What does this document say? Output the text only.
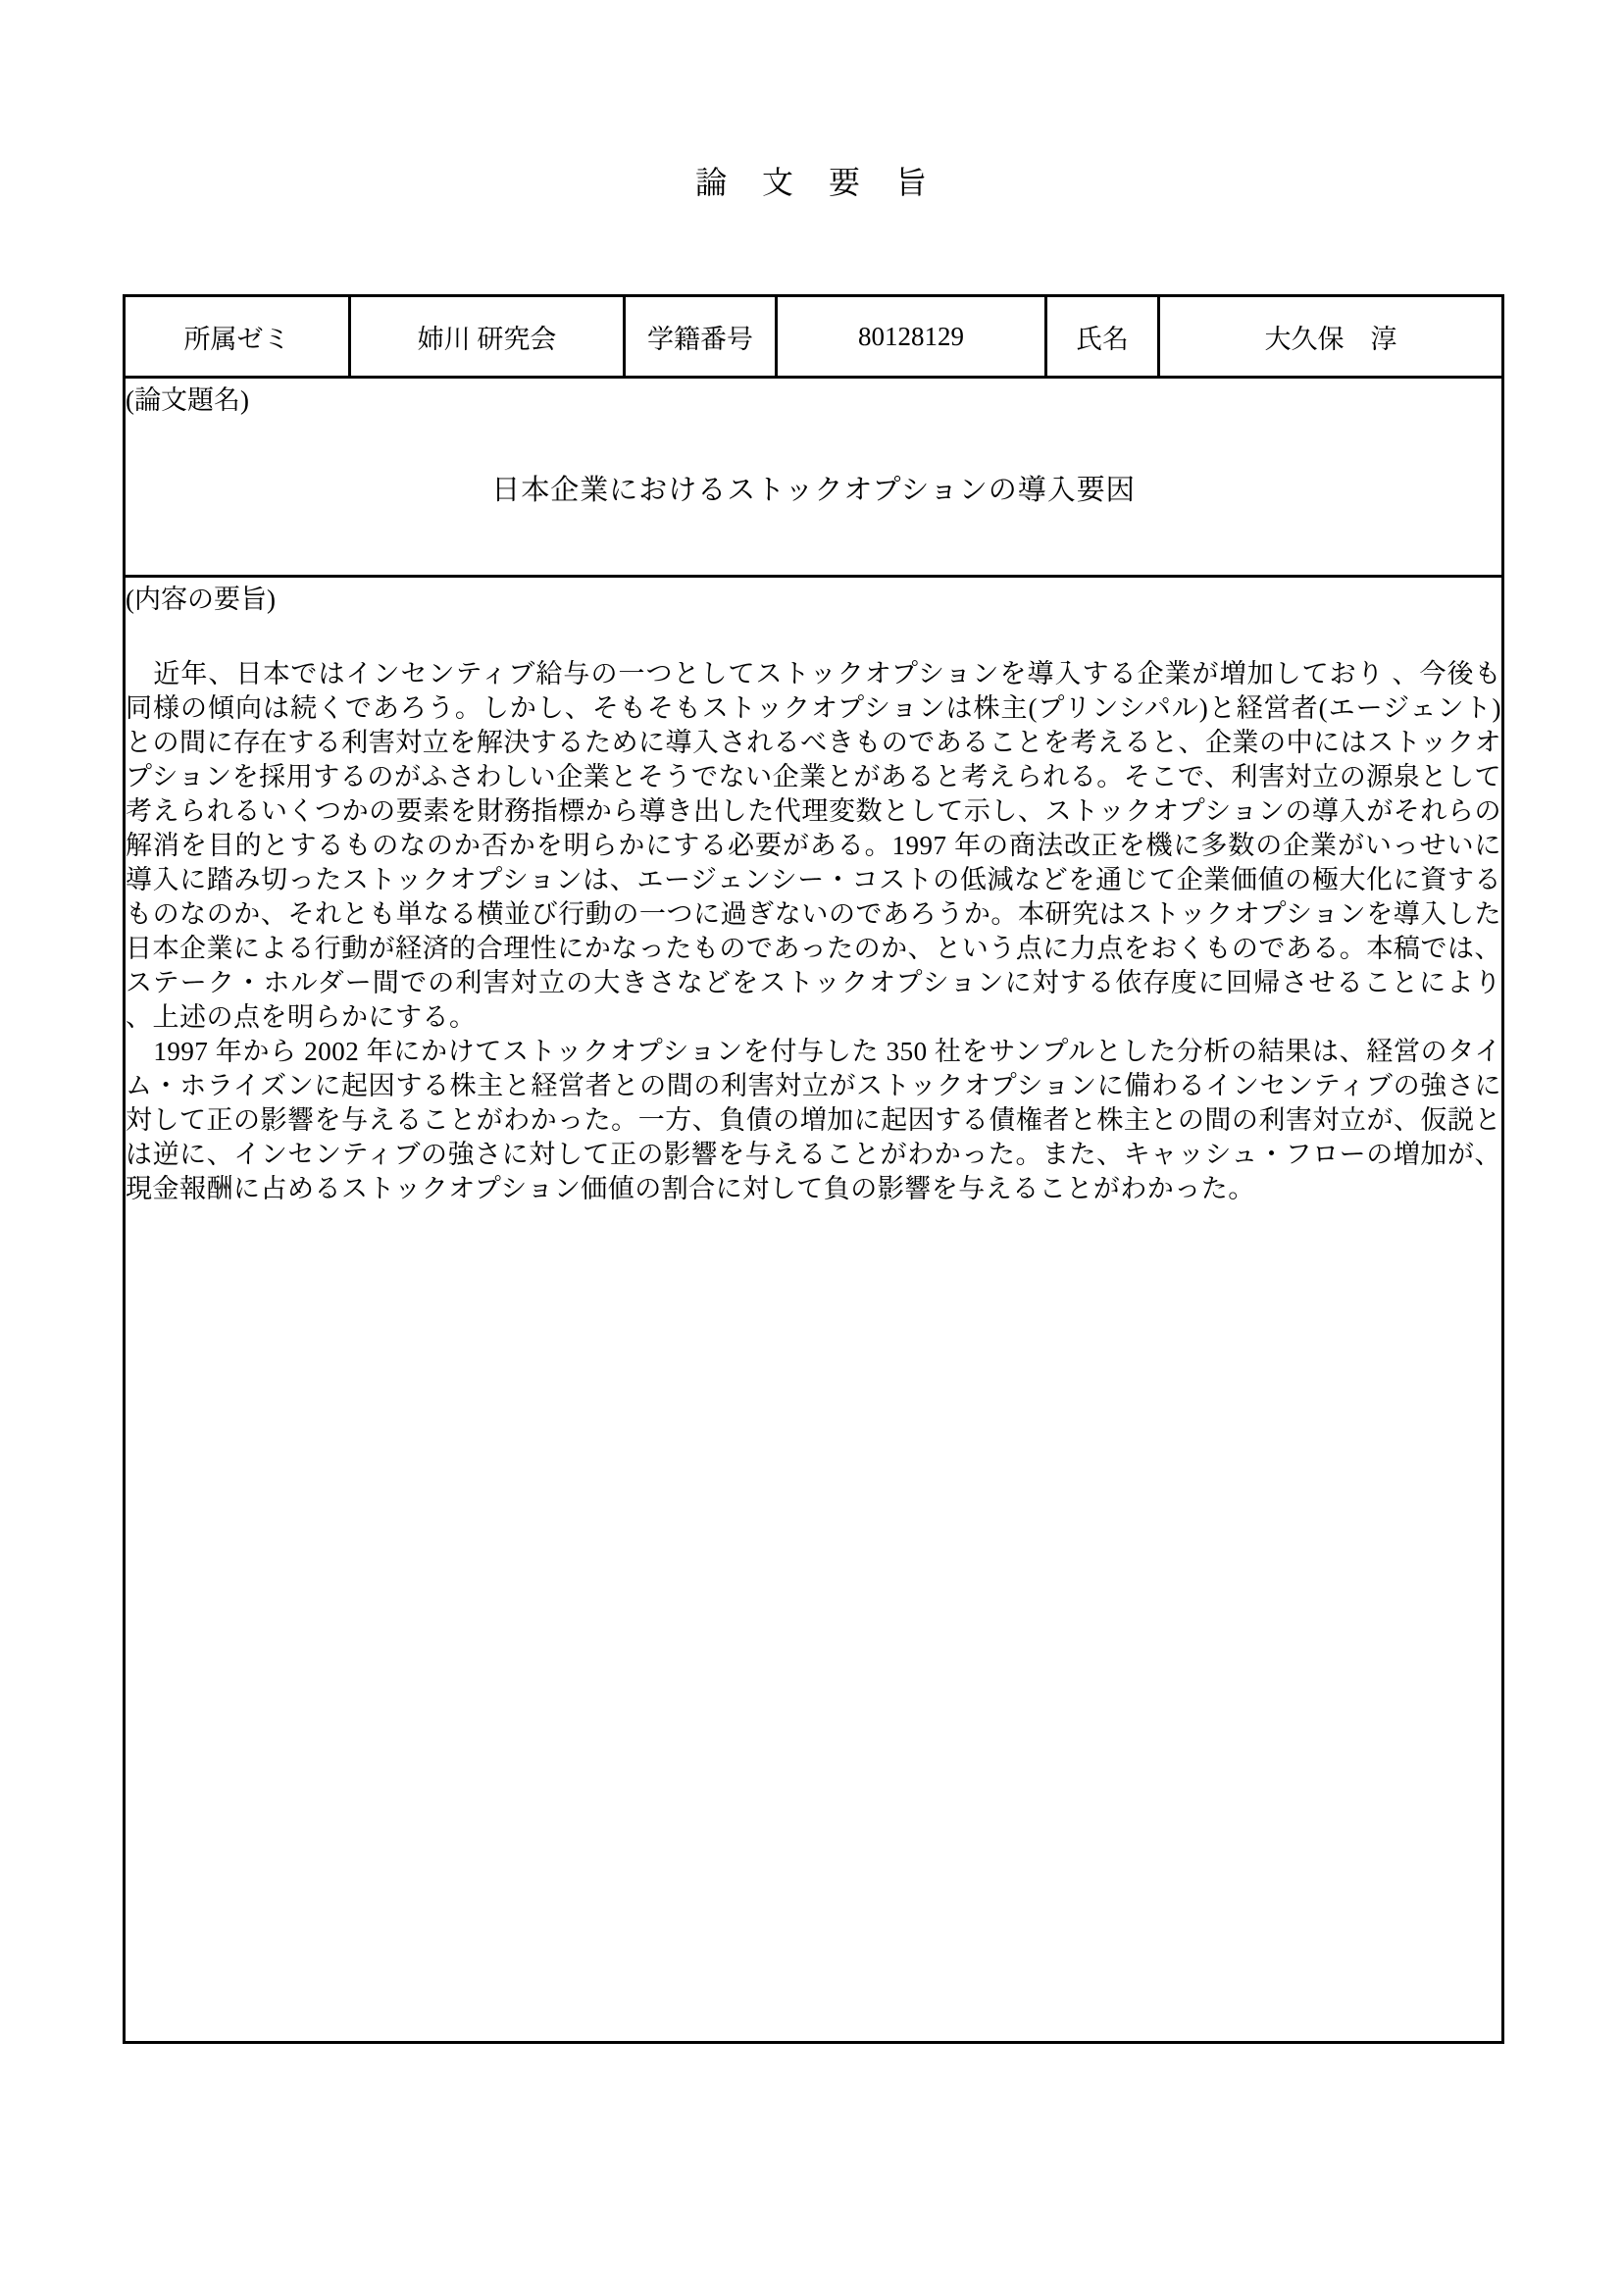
論　文　要　旨
所属ゼミ	姉川 研究会	学籍番号	80128129	氏名	大久保　淳

(論文題名)
日本企業におけるストックオプションの導入要因

(内容の要旨)

近年、日本ではインセンティブ給与の一つとしてストックオプションを導入する企業が増加しており 、今後も同様の傾向は続くであろう。しかし、そもそもストックオプションは株主(プリンシパル)と経営者(エージェント)との間に存在する利害対立を解決するために導入されるべきものであることを考えると、企業の中にはストックオプションを採用するのがふさわしい企業とそうでない企業とがあると考えられる。そこで、利害対立の源泉として考えられるいくつかの要素を財務指標から導き出した代理変数として示し、ストックオプションの導入がそれらの解消を目的とするものなのか否かを明らかにする必要がある。1997 年の商法改正を機に多数の企業がいっせいに導入に踏み切ったストックオプションは、エージェンシー・コストの低減などを通じて企業価値の極大化に資するものなのか、それとも単なる横並び行動の一つに過ぎないのであろうか。本研究はストックオプションを導入した日本企業による行動が経済的合理性にかなったものであったのか、という点に力点をおくものである。本稿では、ステーク・ホルダー間での利害対立の大きさなどをストックオプションに対する依存度に回帰させることにより 、上述の点を明らかにする。

1997 年から 2002 年にかけてストックオプションを付与した 350 社をサンプルとした分析の結果は、経営のタイム・ホライズンに起因する株主と経営者との間の利害対立がストックオプションに備わるインセンティブの強さに対して正の影響を与えることがわかった。一方、負債の増加に起因する債権者と株主との間の利害対立が、仮説とは逆に、インセンティブの強さに対して正の影響を与えることがわかった。また、キャッシュ・フローの増加が、現金報酬に占めるストックオプション価値の割合に対して負の影響を与えることがわかった。
